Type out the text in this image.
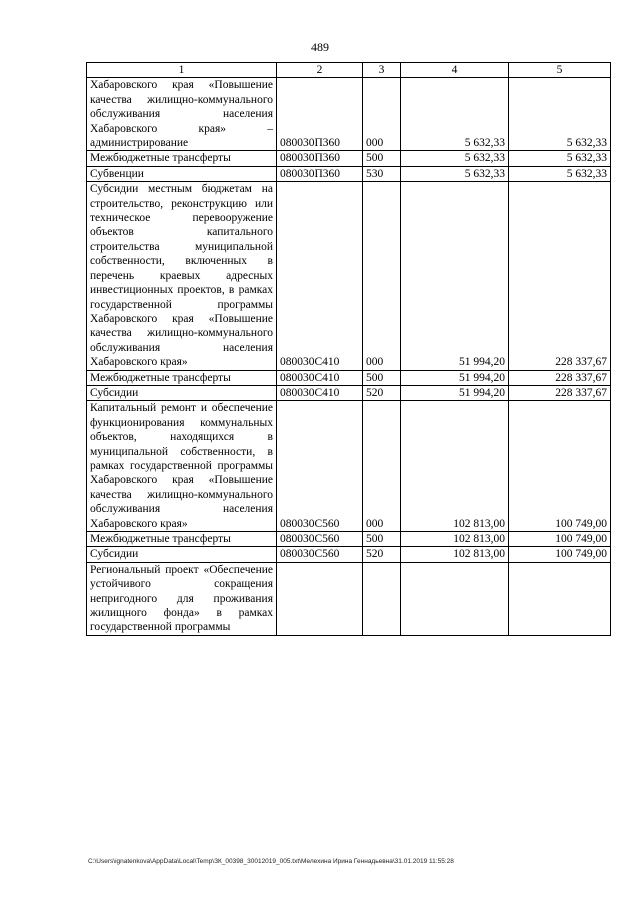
489
1	2	3	4	5
Хабаровского края «Повышение качества жилищно-коммунального обслуживания населения Хабаровского края» – администрирование	080030П360	000	5 632,33	5 632,33
Межбюджетные трансферты	080030П360	500	5 632,33	5 632,33
Субвенции	080030П360	530	5 632,33	5 632,33
Субсидии местным бюджетам на строительство, реконструкцию или техническое перевооружение объектов капитального строительства муниципальной собственности, включенных в перечень краевых адресных инвестиционных проектов, в рамках государственной программы Хабаровского края «Повышение качества жилищно-коммунального обслуживания населения Хабаровского края»	080030С410	000	51 994,20	228 337,67
Межбюджетные трансферты	080030С410	500	51 994,20	228 337,67
Субсидии	080030С410	520	51 994,20	228 337,67
Капитальный ремонт и обеспечение функционирования коммунальных объектов, находящихся в муниципальной собственности, в рамках государственной программы Хабаровского края «Повышение качества жилищно-коммунального обслуживания населения Хабаровского края»	080030С560	000	102 813,00	100 749,00
Межбюджетные трансферты	080030С560	500	102 813,00	100 749,00
Субсидии	080030С560	520	102 813,00	100 749,00
Региональный проект «Обеспечение устойчивого сокращения непригодного для проживания жилищного фонда» в рамках государственной программы				
C:\Users\ignatenkova\AppData\Local\Temp\ЗК_00398_30012019_005.txt\Мелехина Ирина Геннадьевна\31.01.2019 11:55:28
